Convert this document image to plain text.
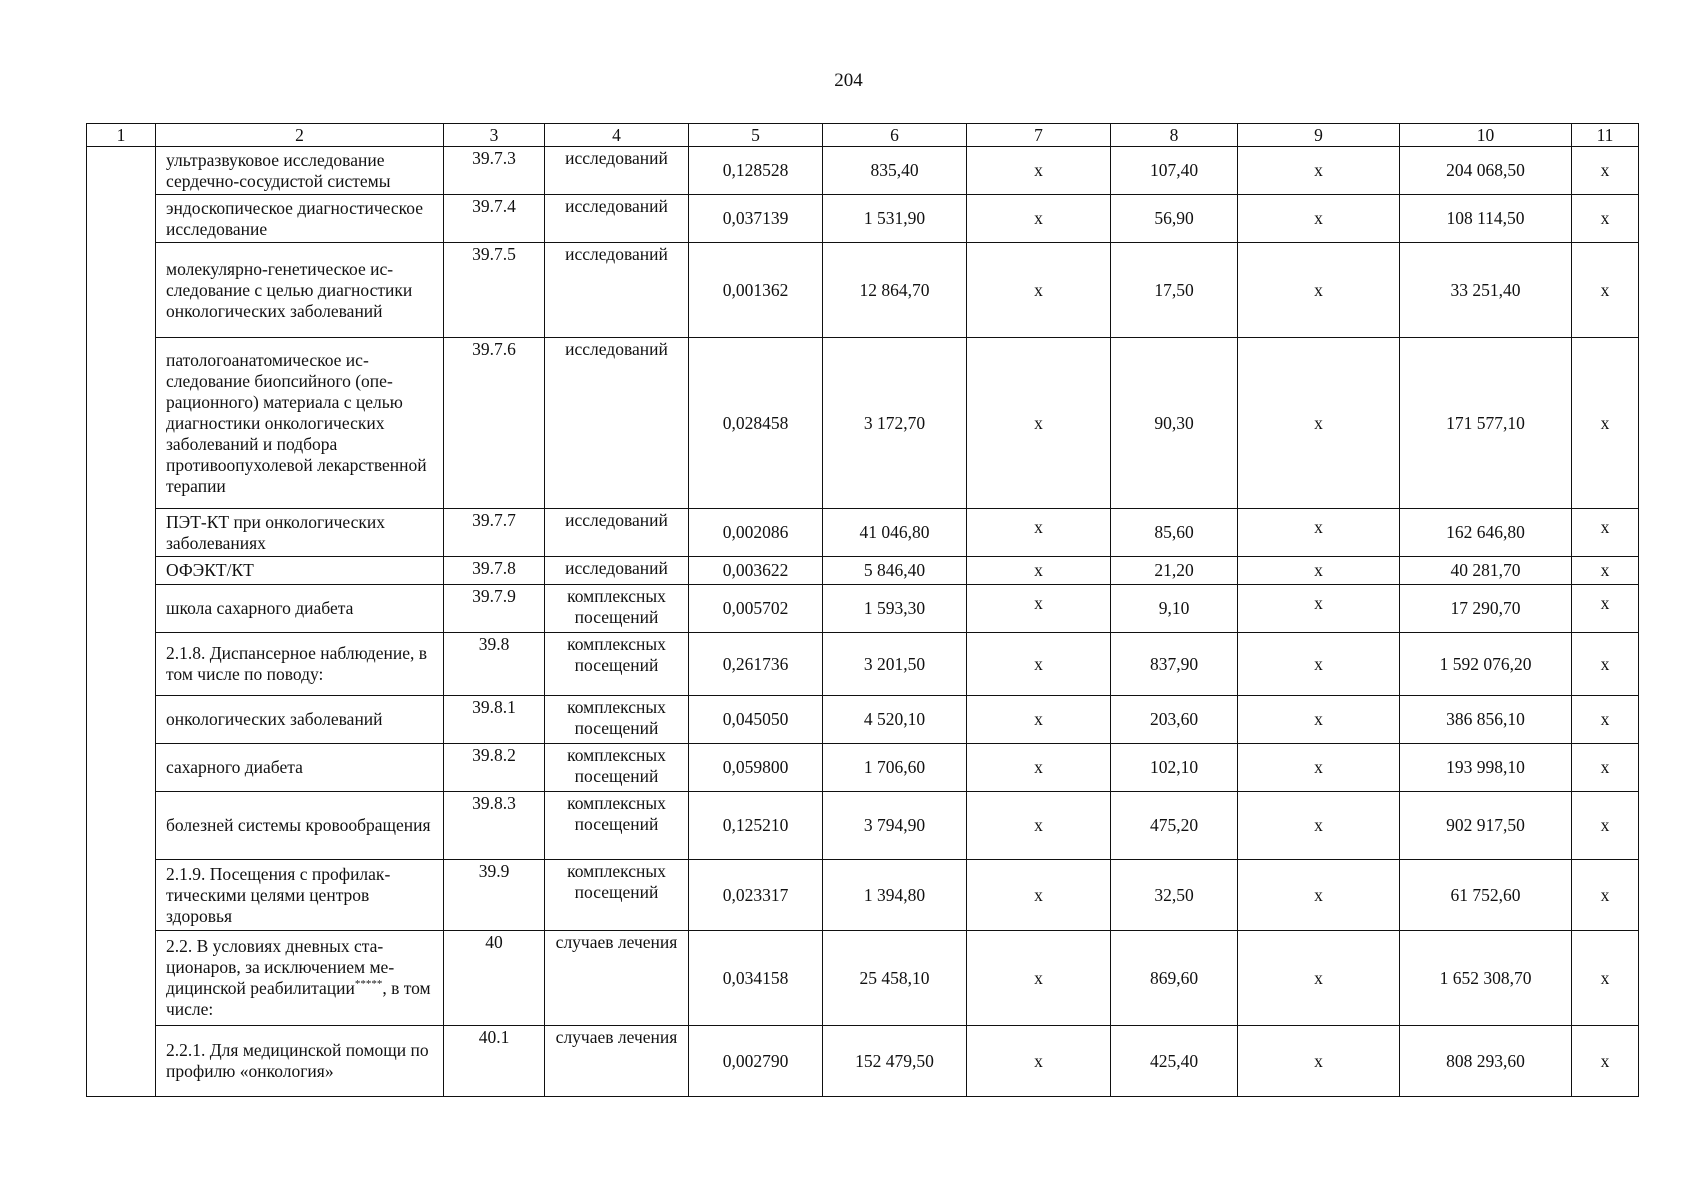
204
1	2	3	4	5	6	7	8	9	10	11
	ультразвуковое исследование сердечно-сосудистой системы	39.7.3	исследований	0,128528	835,40	х	107,40	х	204 068,50	х
	эндоскопическое диагностическое исследование	39.7.4	исследований	0,037139	1 531,90	х	56,90	х	108 114,50	х
	молекулярно-генетическое исследование с целью диагностики онкологических заболеваний	39.7.5	исследований	0,001362	12 864,70	х	17,50	х	33 251,40	х
	патологоанатомическое исследование биопсийного (операционного) материала с целью диагностики онкологических заболеваний и подбора противоопухолевой лекарственной терапии	39.7.6	исследований	0,028458	3 172,70	х	90,30	х	171 577,10	х
	ПЭТ-КТ при онкологических заболеваниях	39.7.7	исследований	0,002086	41 046,80	х	85,60	х	162 646,80	х
	ОФЭКТ/КТ	39.7.8	исследований	0,003622	5 846,40	х	21,20	х	40 281,70	х
	школа сахарного диабета	39.7.9	комплексных посещений	0,005702	1 593,30	х	9,10	х	17 290,70	х
	2.1.8. Диспансерное наблюдение, в том числе по поводу:	39.8	комплексных посещений	0,261736	3 201,50	х	837,90	х	1 592 076,20	х
	онкологических заболеваний	39.8.1	комплексных посещений	0,045050	4 520,10	х	203,60	х	386 856,10	х
	сахарного диабета	39.8.2	комплексных посещений	0,059800	1 706,60	х	102,10	х	193 998,10	х
	болезней системы кровообращения	39.8.3	комплексных посещений	0,125210	3 794,90	х	475,20	х	902 917,50	х
	2.1.9. Посещения с профилактическими целями центров здоровья	39.9	комплексных посещений	0,023317	1 394,80	х	32,50	х	61 752,60	х
	2.2. В условиях дневных стационаров, за исключением медицинской реабилитации*****, в том числе:	40	случаев лечения	0,034158	25 458,10	х	869,60	х	1 652 308,70	х
	2.2.1. Для медицинской помощи по профилю «онкология»	40.1	случаев лечения	0,002790	152 479,50	х	425,40	х	808 293,60	х
